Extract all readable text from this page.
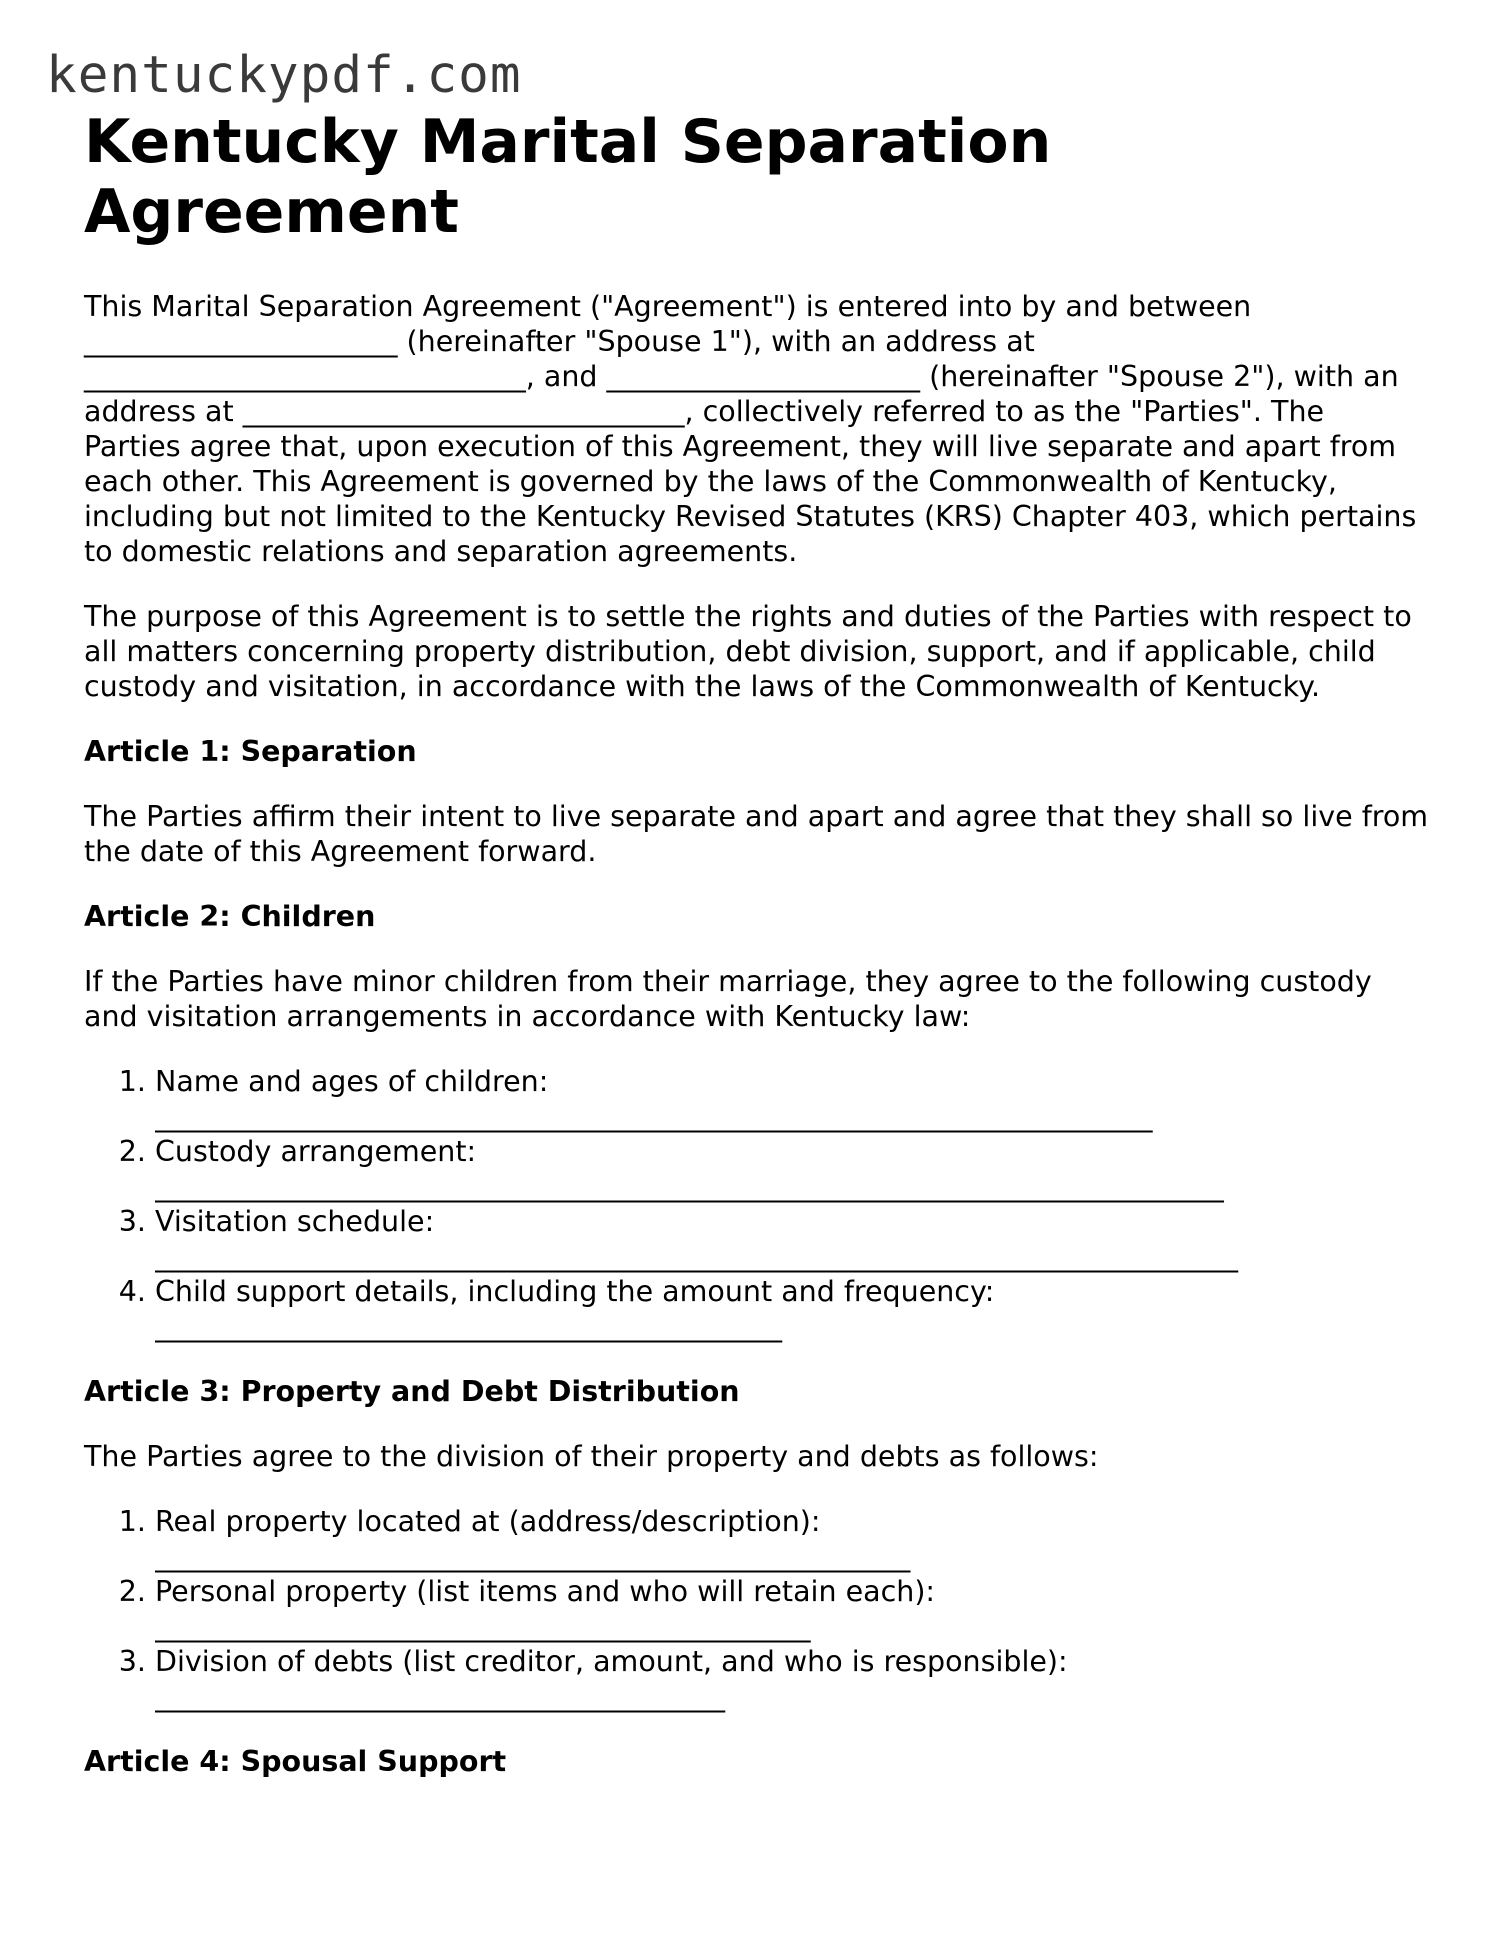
kentuckypdf.com
Kentucky Marital Separation Agreement

This Marital Separation Agreement ("Agreement") is entered into by and between ______________________ (hereinafter "Spouse 1"), with an address at _______________________________, and ______________________ (hereinafter "Spouse 2"), with an address at _______________________________, collectively referred to as the "Parties". The Parties agree that, upon execution of this Agreement, they will live separate and apart from each other. This Agreement is governed by the laws of the Commonwealth of Kentucky, including but not limited to the Kentucky Revised Statutes (KRS) Chapter 403, which pertains to domestic relations and separation agreements.

The purpose of this Agreement is to settle the rights and duties of the Parties with respect to all matters concerning property distribution, debt division, support, and if applicable, child custody and visitation, in accordance with the laws of the Commonwealth of Kentucky.

Article 1: Separation

The Parties affirm their intent to live separate and apart and agree that they shall so live from the date of this Agreement forward.

Article 2: Children

If the Parties have minor children from their marriage, they agree to the following custody and visitation arrangements in accordance with Kentucky law:

1. Name and ages of children:
______________________________________________________________________
2. Custody arrangement:
___________________________________________________________________________
3. Visitation schedule:
____________________________________________________________________________
4. Child support details, including the amount and frequency:
____________________________________________
Article 3: Property and Debt Distribution

The Parties agree to the division of their property and debts as follows:

1. Real property located at (address/description):
_____________________________________________________
2. Personal property (list items and who will retain each):
______________________________________________
3. Division of debts (list creditor, amount, and who is responsible):
________________________________________
Article 4: Spousal Support
